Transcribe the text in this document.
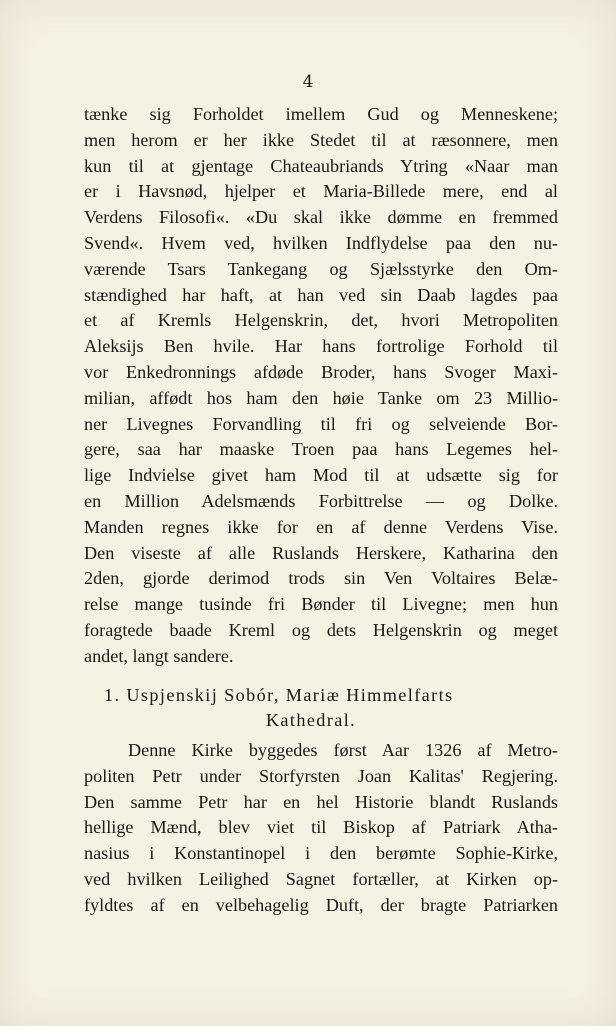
4
tænke sig Forholdet imellem Gud og Menneskene;
men herom er her ikke Stedet til at ræsonnere, men
kun til at gjentage Chateaubriands Ytring «Naar man
er i Havsnød, hjelper et Maria-Billede mere, end al
Verdens Filosofi«. «Du skal ikke dømme en fremmed
Svend«. Hvem ved, hvilken Indflydelse paa den nu-
værende Tsars Tankegang og Sjælsstyrke den Om-
stændighed har haft, at han ved sin Daab lagdes paa
et af Kremls Helgenskrin, det, hvori Metropoliten
Aleksijs Ben hvile. Har hans fortrolige Forhold til
vor Enkedronnings afdøde Broder, hans Svoger Maxi-
milian, affødt hos ham den høie Tanke om 23 Millio-
ner Livegnes Forvandling til fri og selveiende Bor-
gere, saa har maaske Troen paa hans Legemes hel-
lige Indvielse givet ham Mod til at udsætte sig for
en Million Adelsmænds Forbittrelse — og Dolke.
Manden regnes ikke for en af denne Verdens Vise.
Den viseste af alle Ruslands Herskere, Katharina den
2den, gjorde derimod trods sin Ven Voltaires Belæ-
relse mange tusinde fri Bønder til Livegne; men hun
foragtede baade Kreml og dets Helgenskrin og meget
andet, langt sandere.
1. Uspjenskij Sobór, Mariæ Himmelfarts
Kathedral.
Denne Kirke byggedes først Aar 1326 af Metro-
politen Petr under Storfyrsten Joan Kalitas' Regjering.
Den samme Petr har en hel Historie blandt Ruslands
hellige Mænd, blev viet til Biskop af Patriark Atha-
nasius i Konstantinopel i den berømte Sophie-Kirke,
ved hvilken Leilighed Sagnet fortæller, at Kirken op-
fyldtes af en velbehagelig Duft, der bragte Patriarken
